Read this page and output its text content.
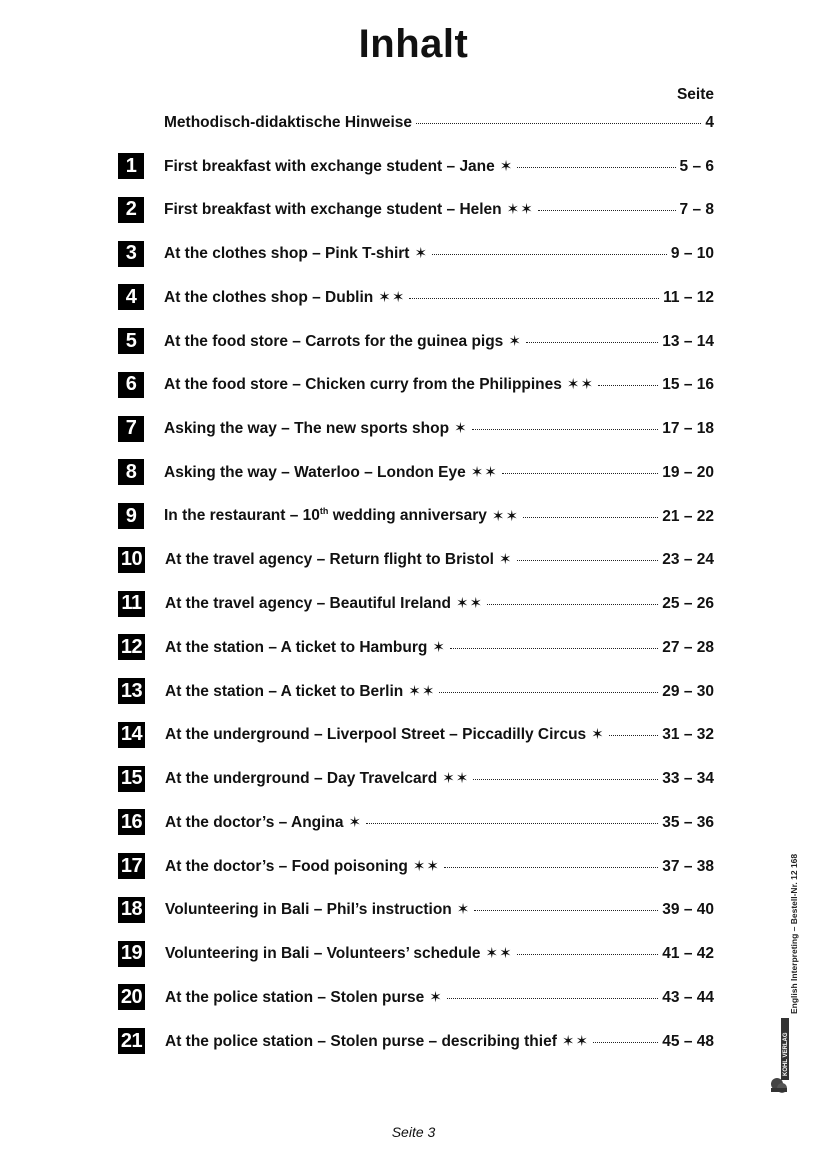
Inhalt
Seite
Methodisch-didaktische Hinweise	4
1	First breakfast with exchange student – Jane ✶	5 – 6
2	First breakfast with exchange student – Helen ✶✶	7 – 8
3	At the clothes shop – Pink T-shirt ✶	9 – 10
4	At the clothes shop – Dublin ✶✶	11 – 12
5	At the food store – Carrots for the guinea pigs ✶	13 – 14
6	At the food store – Chicken curry from the Philippines ✶✶	15 – 16
7	Asking the way – The new sports shop ✶	17 – 18
8	Asking the way – Waterloo – London Eye ✶✶	19 – 20
9	In the restaurant – 10th wedding anniversary ✶✶	21 – 22
10 At the travel agency – Return flight to Bristol ✶	23 – 24
11 At the travel agency – Beautiful Ireland ✶✶	25 – 26
12 At the station – A ticket to Hamburg ✶	27 – 28
13 At the station – A ticket to Berlin ✶✶	29 – 30
14 At the underground – Liverpool Street – Piccadilly Circus ✶	31 – 32
15 At the underground – Day Travelcard ✶✶	33 – 34
16 At the doctor’s – Angina ✶	35 – 36
17 At the doctor’s – Food poisoning ✶✶	37 – 38
18 Volunteering in Bali – Phil’s instruction ✶	39 – 40
19 Volunteering in Bali – Volunteers’ schedule ✶✶	41 – 42
20 At the police station – Stolen purse ✶	43 – 44
21 At the police station – Stolen purse – describing thief ✶✶	45 – 48
Seite 3
KOHL VERLAG
English Interpreting – Bestell-Nr. 12 168
